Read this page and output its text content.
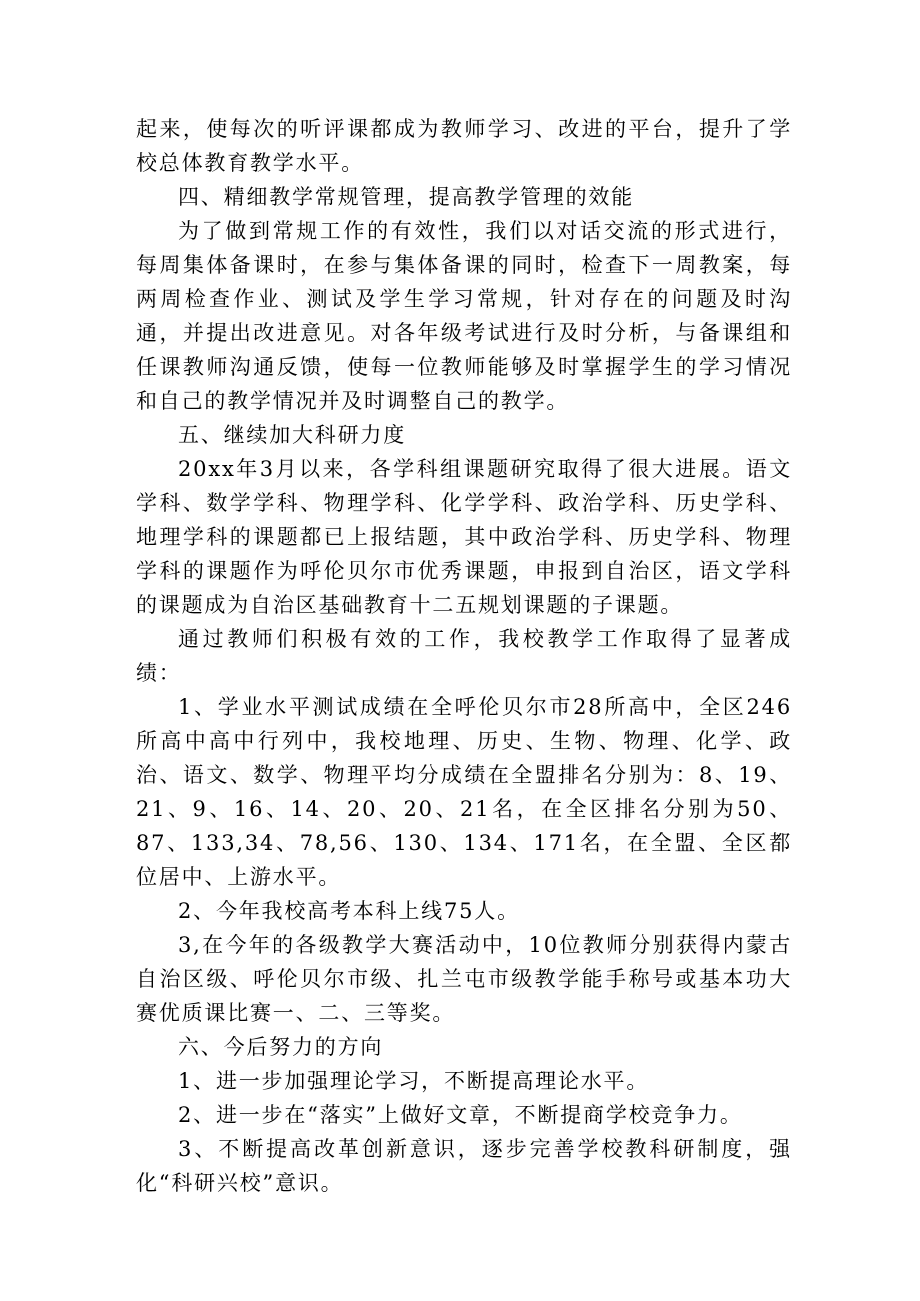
起来，使每次的听评课都成为教师学习、改进的平台，提升了学校总体教育教学水平。

四、精细教学常规管理，提高教学管理的效能

为了做到常规工作的有效性，我们以对话交流的形式进行，每周集体备课时，在参与集体备课的同时，检查下一周教案，每两周检查作业、测试及学生学习常规，针对存在的问题及时沟通，并提出改进意见。对各年级考试进行及时分析，与备课组和任课教师沟通反馈，使每一位教师能够及时掌握学生的学习情况和自己的教学情况并及时调整自己的教学。

五、继续加大科研力度

20xx年3月以来，各学科组课题研究取得了很大进展。语文学科、数学学科、物理学科、化学学科、政治学科、历史学科、地理学科的课题都已上报结题，其中政治学科、历史学科、物理学科的课题作为呼伦贝尔市优秀课题，申报到自治区，语文学科的课题成为自治区基础教育十二五规划课题的子课题。

通过教师们积极有效的工作，我校教学工作取得了显著成绩：

1、学业水平测试成绩在全呼伦贝尔市28所高中，全区246所高中高中行列中，我校地理、历史、生物、物理、化学、政治、语文、数学、物理平均分成绩在全盟排名分别为：8、19、21、9、16、14、20、20、21名，在全区排名分别为50、87、133,34、78,56、130、134、171名，在全盟、全区都位居中、上游水平。

2、今年我校高考本科上线75人。

3,在今年的各级教学大赛活动中，10位教师分别获得内蒙古自治区级、呼伦贝尔市级、扎兰屯市级教学能手称号或基本功大赛优质课比赛一、二、三等奖。

六、今后努力的方向

1、进一步加强理论学习，不断提高理论水平。

2、进一步在“落实”上做好文章，不断提商学校竞争力。

3、不断提高改革创新意识，逐步完善学校教科研制度，强化“科研兴校”意识。
